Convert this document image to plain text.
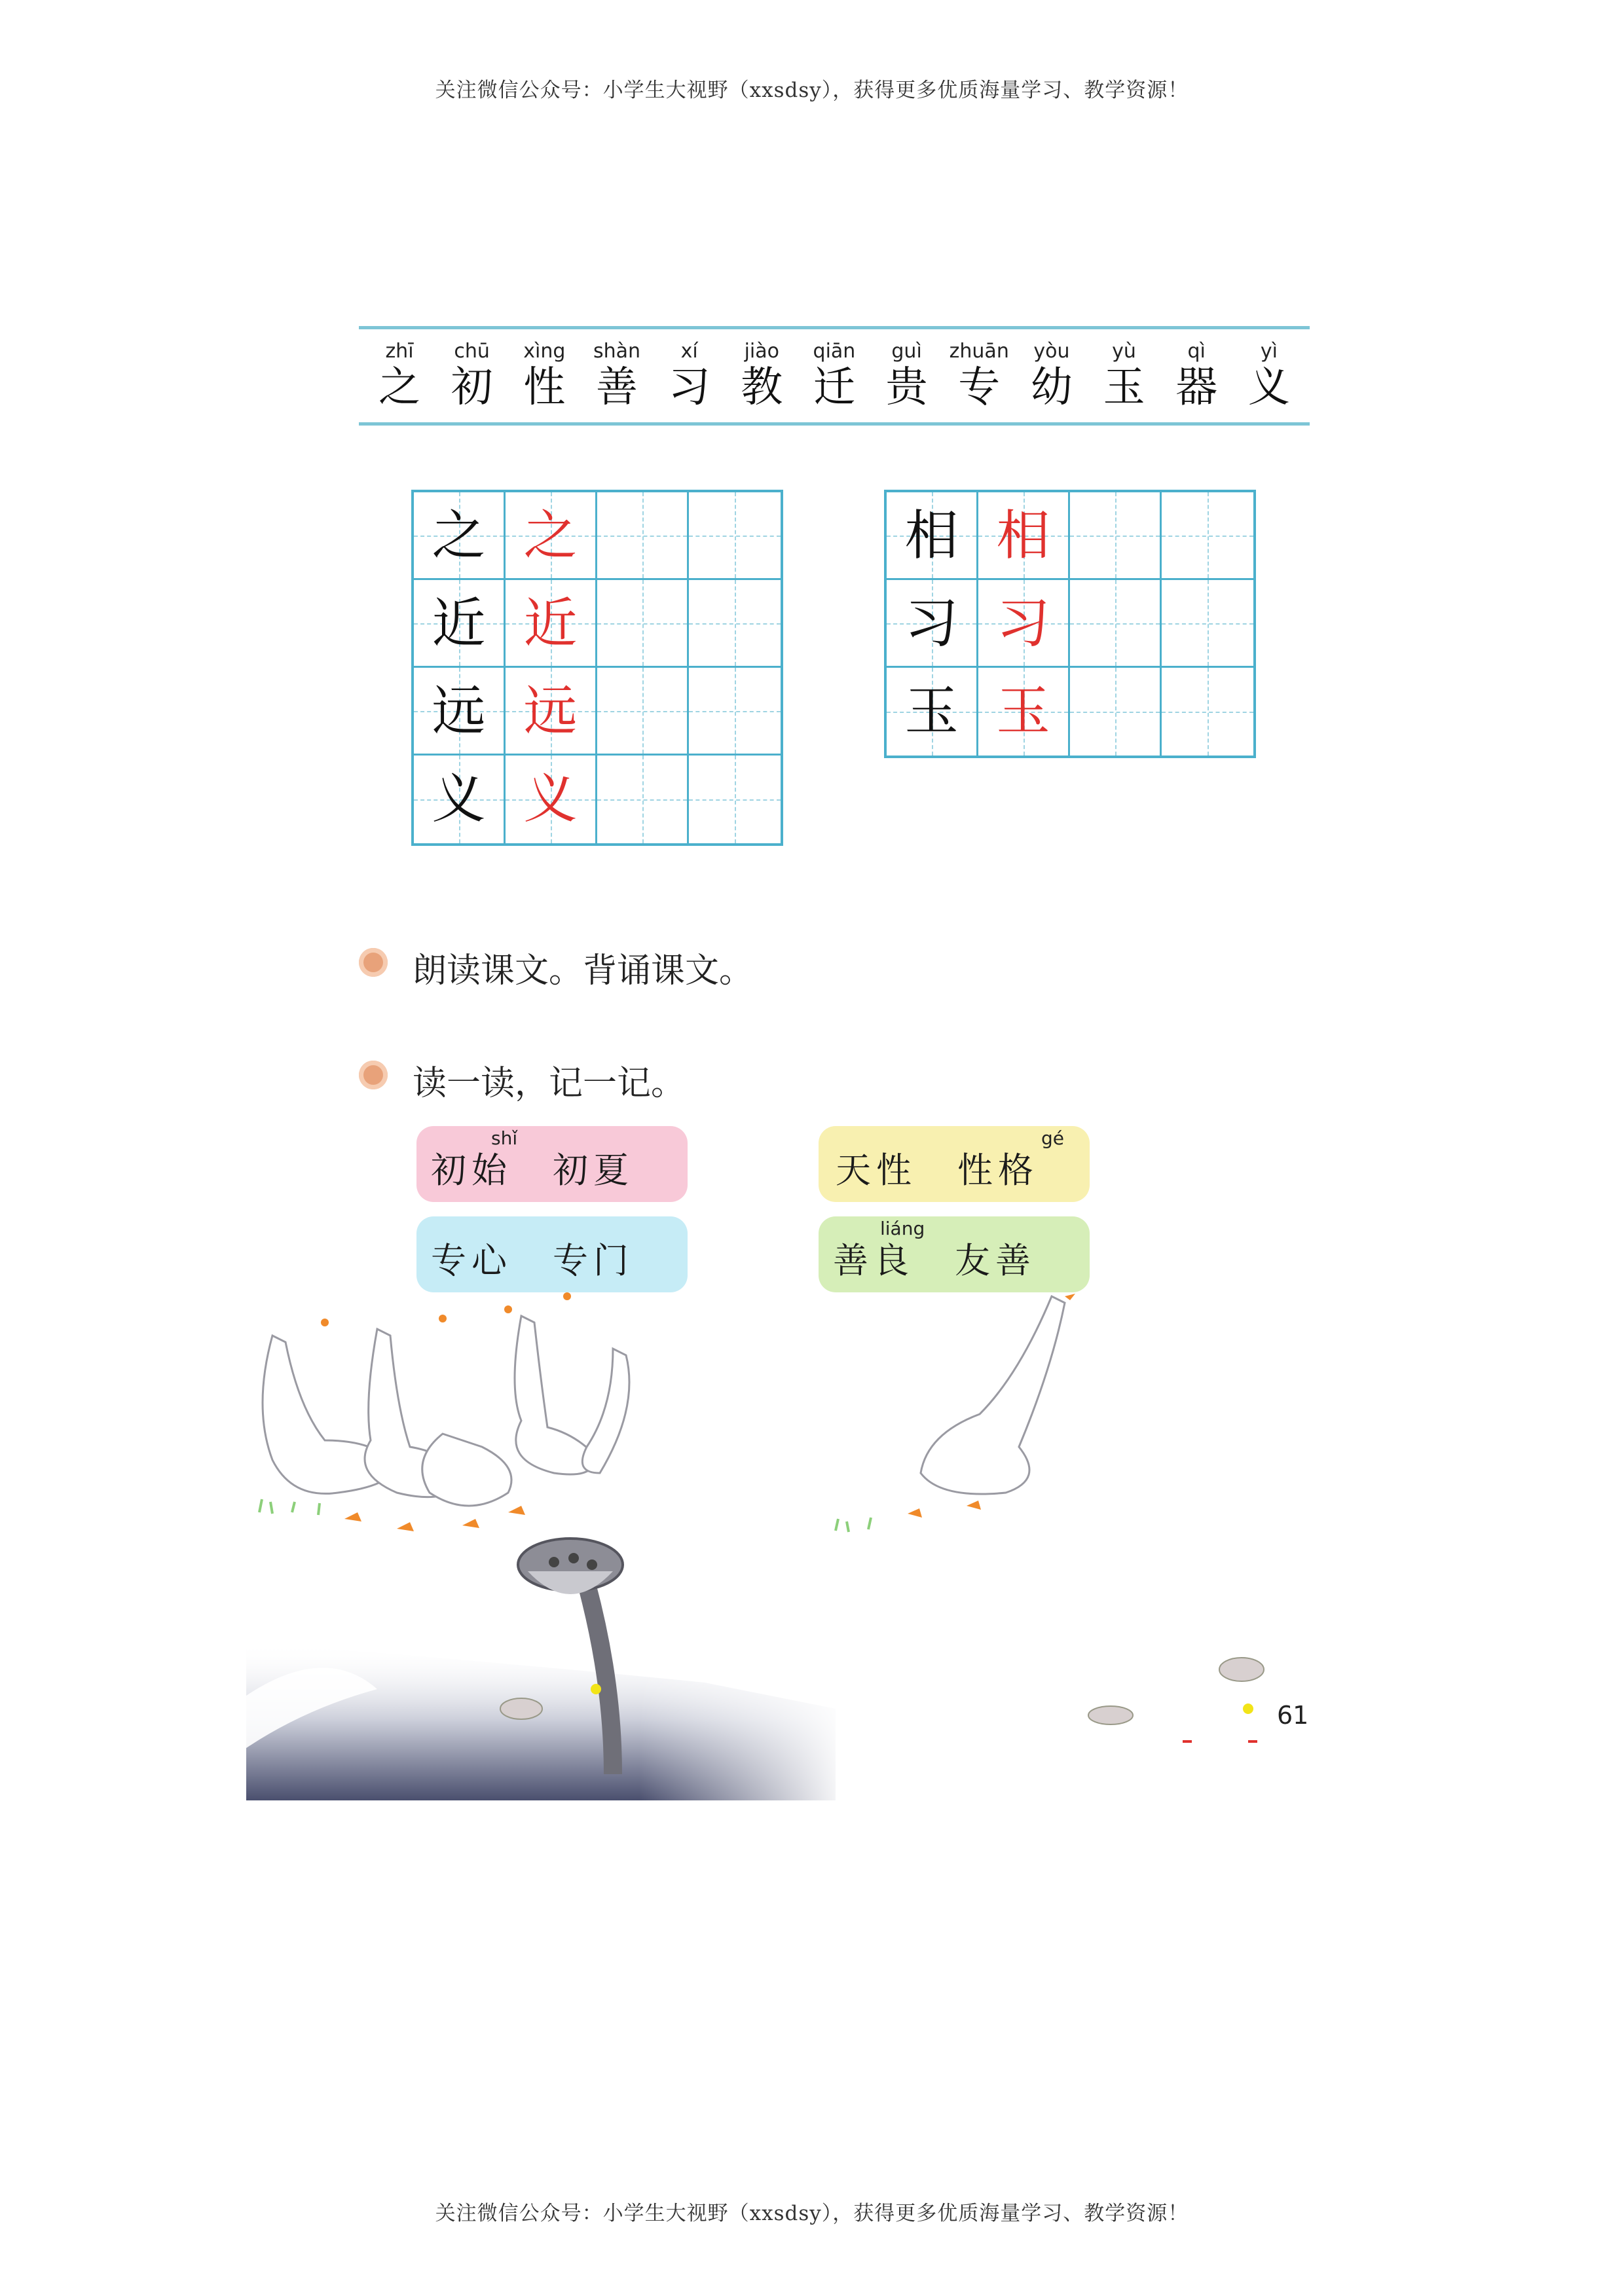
关注微信公众号：小学生大视野（xxsdsy），获得更多优质海量学习、教学资源！
zhī
之
chū
初
xìng
性
shàn
善
xí
习
jiào
教
qiān
迁
guì
贵
zhuān
专
yòu
幼
yù
玉
qì
器
yì
义
之 之
近 近
远 远
义 义
相 相
习 习
玉 玉
朗读课文。背诵课文。
读一读，记一记。
shǐ
初始　初夏
gé
天性　性格
专心　专门
liáng
善良　友善
61
关注微信公众号：小学生大视野（xxsdsy），获得更多优质海量学习、教学资源！
